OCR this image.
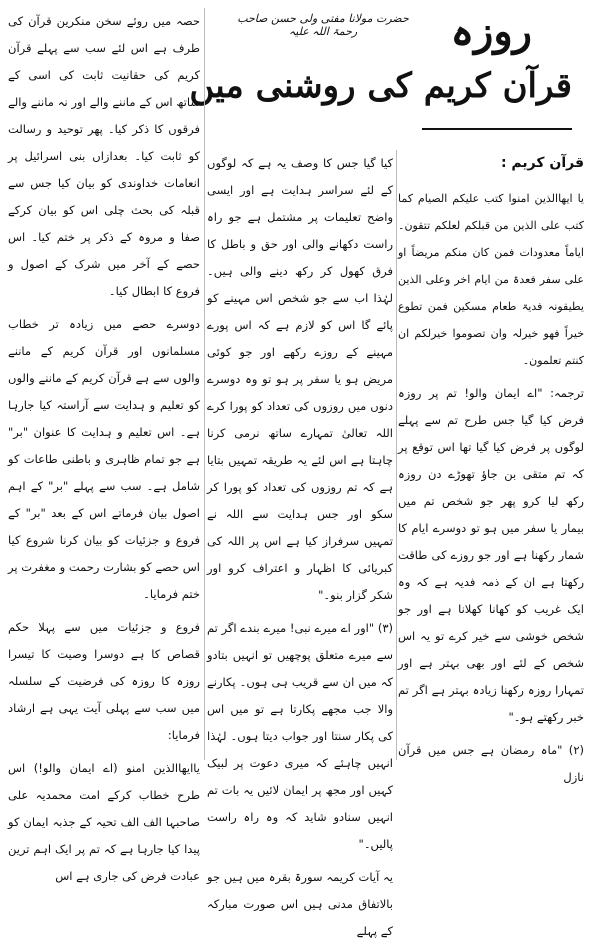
روزہ
قرآن کریم کی روشنی میں
حضرت مولانا مفتی ولی حسن صاحب رحمۃ اللہ علیہ

قرآن کریم :

یا ایھاالذین امنوا کتب علیکم الصیام کما کتب علی الذین من قبلکم لعلکم تتقون۔ ایاماً معدودات فمن کان منکم مریضاً او علی سفر فعدۃ من ایام اخر وعلی الذین یطیقونہ فدیۃ طعام مسکین فمن تطوع خیراً فھو خیرلہ وان تصوموا خیرلکم ان کنتم تعلمون۔

ترجمہ: "اے ایمان والو! تم پر روزہ فرض کیا گیا جس طرح تم سے پہلے لوگوں پر فرض کیا گیا تھا اس توقع پر کہ تم متقی بن جاؤ تھوڑے دن روزہ رکھ لیا کرو پھر جو شخص تم میں بیمار یا سفر میں ہو تو دوسرے ایام کا شمار رکھنا ہے اور جو روزے کی طاقت رکھتا ہے ان کے ذمہ فدیہ ہے کہ وہ ایک غریب کو کھانا کھلانا ہے اور جو شخص خوشی سے خیر کرے تو یہ اس شخص کے لئے اور بھی بہتر ہے اور تمہارا روزہ رکھنا زیادہ بہتر ہے اگر تم خبر رکھتے ہو۔"

(۲) "ماہ رمضان ہے جس میں قرآن نازل

کیا گیا جس کا وصف یہ ہے کہ لوگوں کے لئے سراسر ہدایت ہے اور ایسی واضح تعلیمات پر مشتمل ہے جو راہ راست دکھانے والی اور حق و باطل کا فرق کھول کر رکھ دینے والی ہیں۔ لہٰذا اب سے جو شخص اس مہینے کو پائے گا اس کو لازم ہے کہ اس پورے مہینے کے روزے رکھے اور جو کوئی مریض ہو یا سفر پر ہو تو وہ دوسرے دنوں میں روزوں کی تعداد کو پورا کرے اللہ تعالیٰ تمہارے ساتھ نرمی کرنا چاہتا ہے اس لئے یہ طریقہ تمہیں بتایا ہے کہ تم روزوں کی تعداد کو پورا کر سکو اور جس ہدایت سے اللہ نے تمہیں سرفراز کیا ہے اس پر اللہ کی کبریائی کا اظہار و اعتراف کرو اور شکر گزار بنو۔"

(۳) "اور اے میرے نبی! میرے بندے اگر تم سے میرے متعلق پوچھیں تو انہیں بتادو کہ میں ان سے قریب ہی ہوں۔ پکارنے والا جب مجھے پکارتا ہے تو میں اس کی پکار سنتا اور جواب دیتا ہوں۔ لہٰذا انہیں چاہئے کہ میری دعوت پر لبیک کہیں اور مجھ پر ایمان لائیں یہ بات تم انہیں سنادو شاید کہ وہ راہ راست پالیں۔"

یہ آیات کریمہ سورۃ بقرہ میں ہیں جو بالاتفاق مدنی ہیں اس صورت مبارکہ کے پہلے

حصہ میں روئے سخن منکرین قرآن کی طرف ہے اس لئے سب سے پہلے قرآن کریم کی حقانیت ثابت کی اسی کے ساتھ اس کے ماننے والے اور نہ ماننے والے فرقوں کا ذکر کیا۔ پھر توحید و رسالت کو ثابت کیا۔ بعدازاں بنی اسرائیل پر انعامات خداوندی کو بیان کیا جس سے قبلہ کی بحث چلی اس کو بیان کرکے صفا و مروہ کے ذکر پر ختم کیا۔ اس حصے کے آخر میں شرک کے اصول و فروع کا ابطال کیا۔

دوسرے حصے میں زیادہ تر خطاب مسلمانوں اور قرآن کریم کے ماننے والوں سے ہے قرآن کریم کے ماننے والوں کو تعلیم و ہدایت سے آراستہ کیا جارہا ہے۔ اس تعلیم و ہدایت کا عنوان "بر" ہے جو تمام ظاہری و باطنی طاعات کو شامل ہے۔ سب سے پہلے "بر" کے اہم اصول بیان فرماتے اس کے بعد "بر" کے فروع و جزئیات کو بیان کرنا شروع کیا اس حصے کو بشارت رحمت و مغفرت پر ختم فرمایا۔

فروع و جزئیات میں سے پہلا حکم قصاص کا ہے دوسرا وصیت کا تیسرا روزہ کا روزہ کی فرضیت کے سلسلہ میں سب سے پہلی آیت یہی ہے ارشاد فرمایا:

یاایھاالذین امنو (اے ایمان والو!) اس طرح خطاب کرکے امت محمدیہ علی صاحبہا الف الف تحیہ کے جذبہ ایمان کو پیدا کیا جارہا ہے کہ تم پر ایک اہم ترین عبادت فرض کی جاری ہے اس
